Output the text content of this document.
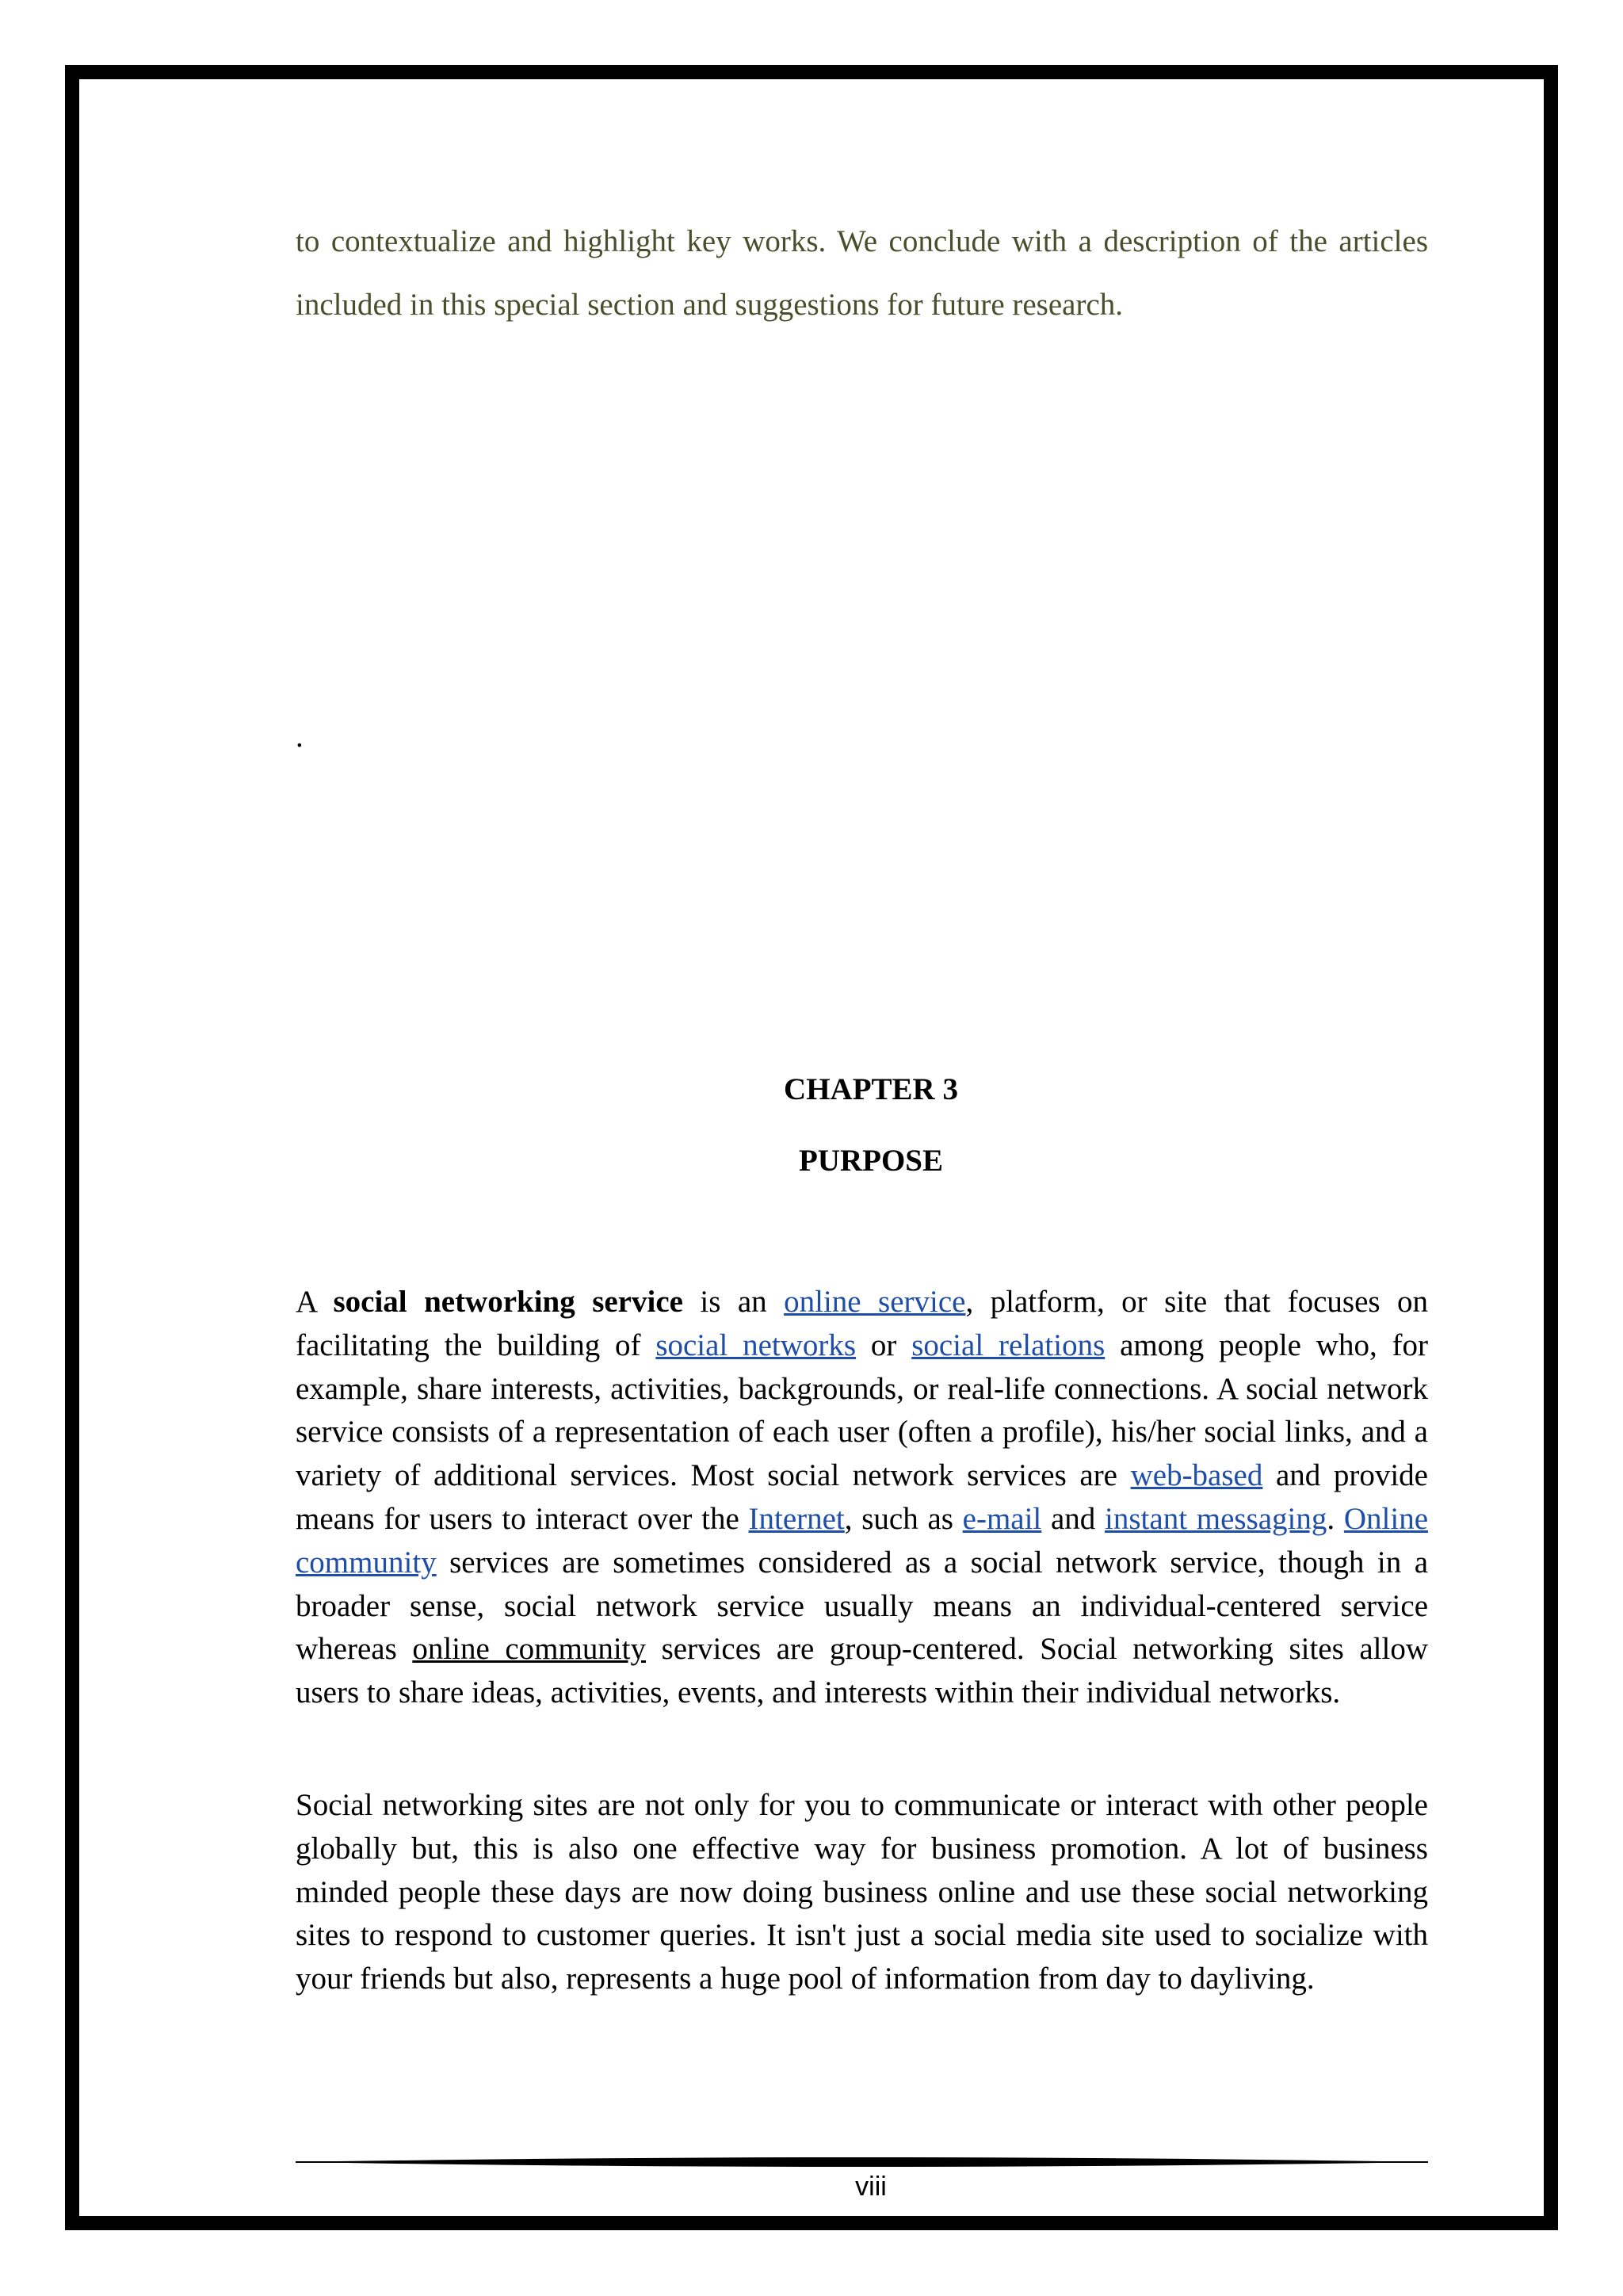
to contextualize and highlight key works. We conclude with a description of the articles included in this special section and suggestions for future research.

.
CHAPTER 3
PURPOSE

A social networking service is an online service, platform, or site that focuses on facilitating the building of social networks or social relations among people who, for example, share interests, activities, backgrounds, or real-life connections. A social network service consists of a representation of each user (often a profile), his/her social links, and a variety of additional services. Most social network services are web-based and provide means for users to interact over the Internet, such as e-mail and instant messaging. Online community services are sometimes considered as a social network service, though in a broader sense, social network service usually means an individual-centered service whereas online community services are group-centered. Social networking sites allow users to share ideas, activities, events, and interests within their individual networks.

Social networking sites are not only for you to communicate or interact with other people globally but, this is also one effective way for business promotion. A lot of business minded people these days are now doing business online and use these social networking sites to respond to customer queries. It isn't just a social media site used to socialize with your friends but also, represents a huge pool of information from day to dayliving.

viii
